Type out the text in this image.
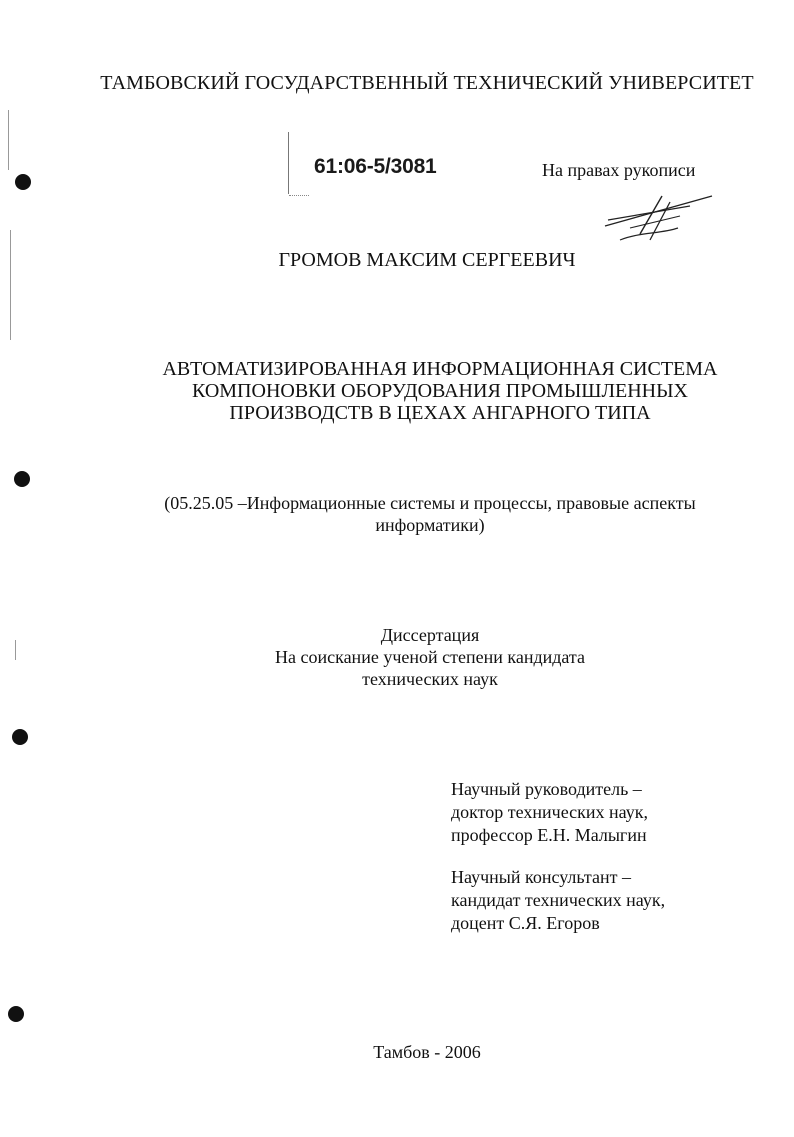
ТАМБОВСКИЙ ГОСУДАРСТВЕННЫЙ ТЕХНИЧЕСКИЙ УНИВЕРСИТЕТ
61:06-5/3081	На правах рукописи
ГРОМОВ МАКСИМ СЕРГЕЕВИЧ
АВТОМАТИЗИРОВАННАЯ ИНФОРМАЦИОННАЯ СИСТЕМА
КОМПОНОВКИ ОБОРУДОВАНИЯ ПРОМЫШЛЕННЫХ
ПРОИЗВОДСТВ В ЦЕХАХ АНГАРНОГО ТИПА
(05.25.05 –Информационные системы и процессы, правовые аспекты
информатики)
Диссертация
На соискание ученой степени кандидата
технических наук
Научный руководитель –
доктор технических наук,
профессор Е.Н. Малыгин
Научный консультант –
кандидат технических наук,
доцент С.Я. Егоров
Тамбов - 2006
